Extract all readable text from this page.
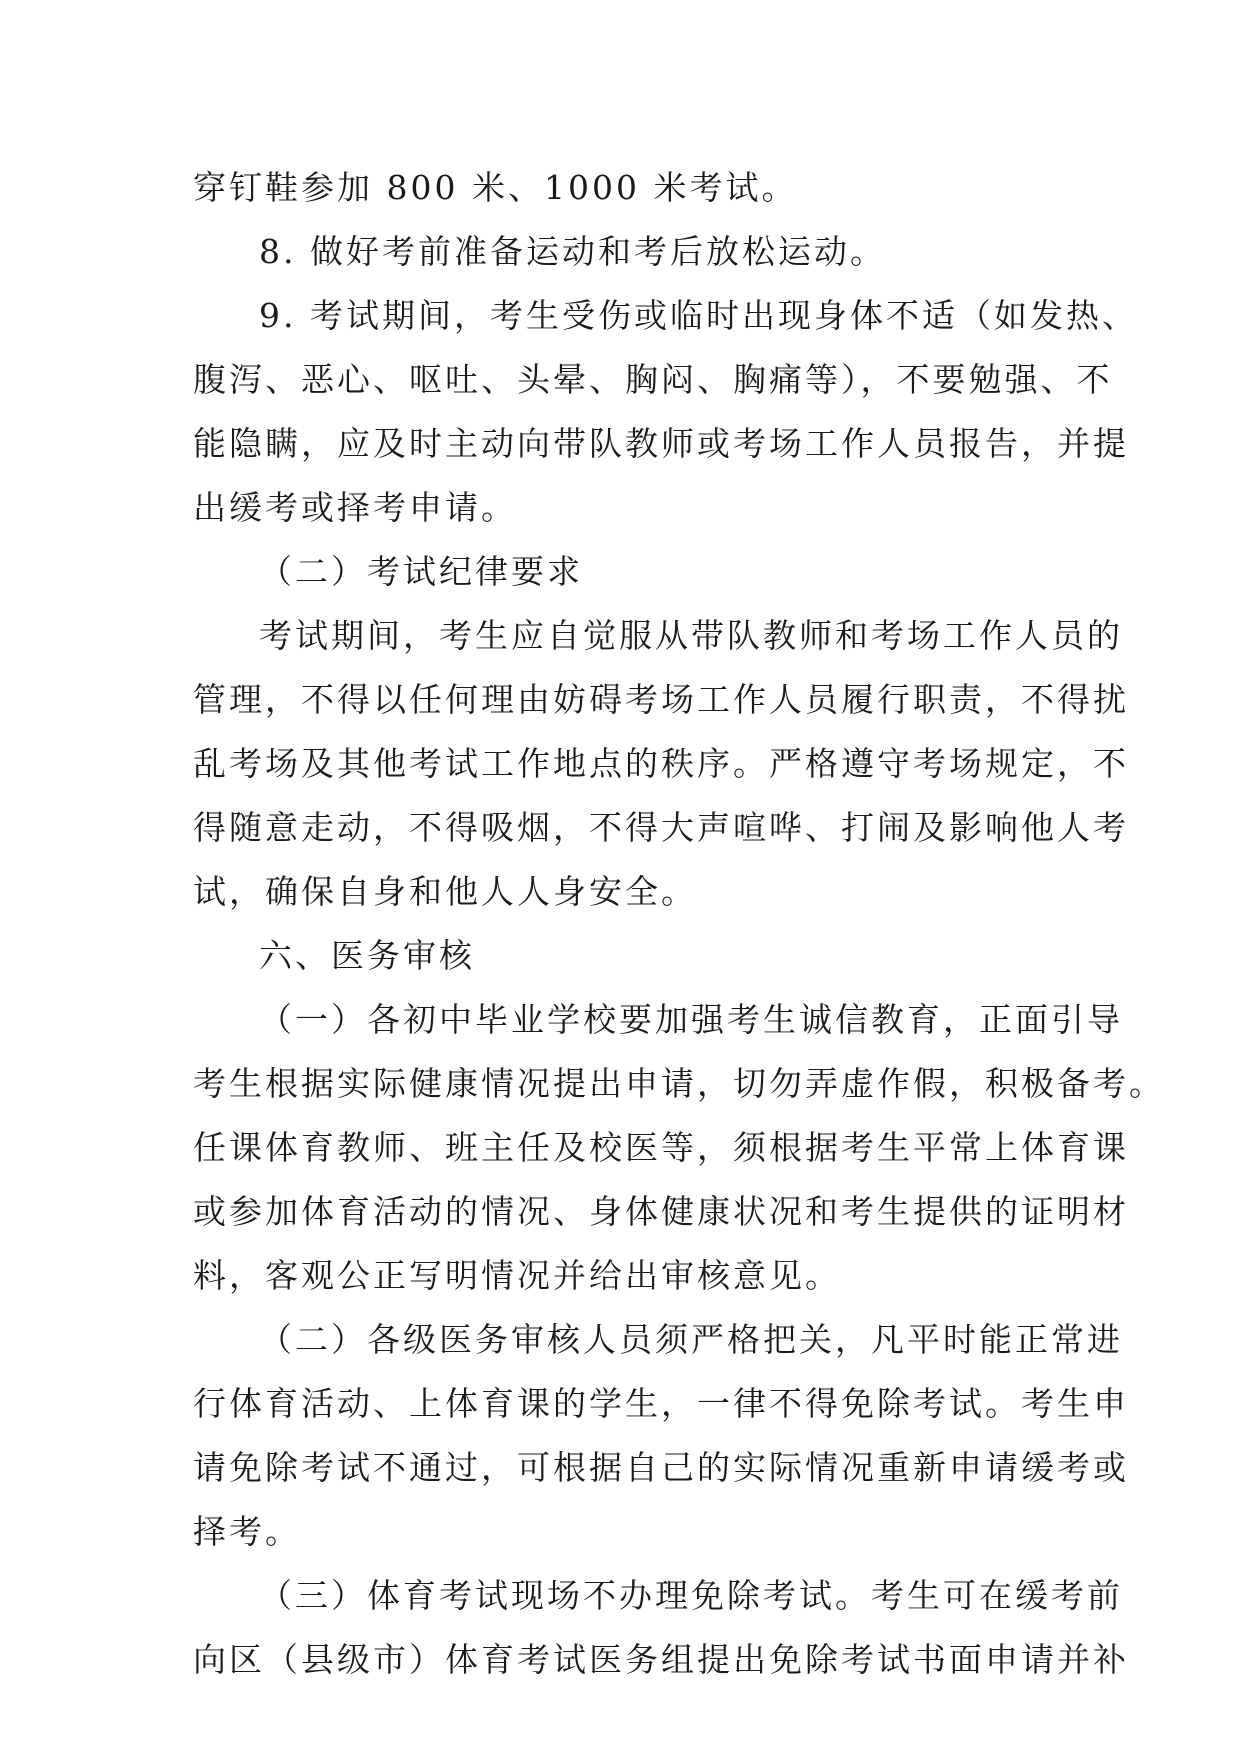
穿钉鞋参加 800 米、1000 米考试。
8. 做好考前准备运动和考后放松运动。
9. 考试期间，考生受伤或临时出现身体不适（如发热、
腹泻、恶心、呕吐、头晕、胸闷、胸痛等），不要勉强、不
能隐瞒，应及时主动向带队教师或考场工作人员报告，并提
出缓考或择考申请。
（二）考试纪律要求
考试期间，考生应自觉服从带队教师和考场工作人员的
管理，不得以任何理由妨碍考场工作人员履行职责，不得扰
乱考场及其他考试工作地点的秩序。严格遵守考场规定，不
得随意走动，不得吸烟，不得大声喧哗、打闹及影响他人考
试，确保自身和他人人身安全。
六、医务审核
（一）各初中毕业学校要加强考生诚信教育，正面引导
考生根据实际健康情况提出申请，切勿弄虚作假，积极备考。
任课体育教师、班主任及校医等，须根据考生平常上体育课
或参加体育活动的情况、身体健康状况和考生提供的证明材
料，客观公正写明情况并给出审核意见。
（二）各级医务审核人员须严格把关，凡平时能正常进
行体育活动、上体育课的学生，一律不得免除考试。考生申
请免除考试不通过，可根据自己的实际情况重新申请缓考或
择考。
（三）体育考试现场不办理免除考试。考生可在缓考前
向区（县级市）体育考试医务组提出免除考试书面申请并补
